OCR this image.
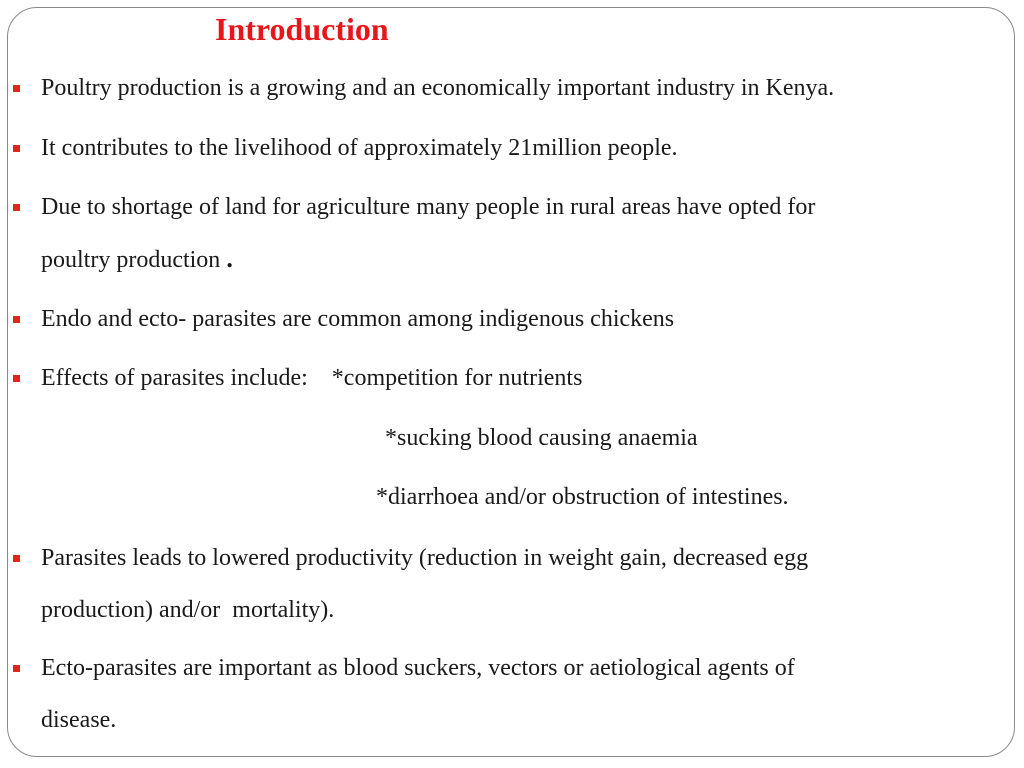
Introduction

Poultry production is a growing and an economically important industry in Kenya.

It contributes to the livelihood of approximately 21million people.

Due to shortage of land for agriculture many people in rural areas have opted for

poultry production .

Endo and ecto- parasites are common among indigenous chickens

Effects of parasites include:    *competition for nutrients

*sucking blood causing anaemia

*diarrhoea and/or obstruction of intestines.

Parasites leads to lowered productivity (reduction in weight gain, decreased egg

production) and/or  mortality).

Ecto-parasites are important as blood suckers, vectors or aetiological agents of

disease.
